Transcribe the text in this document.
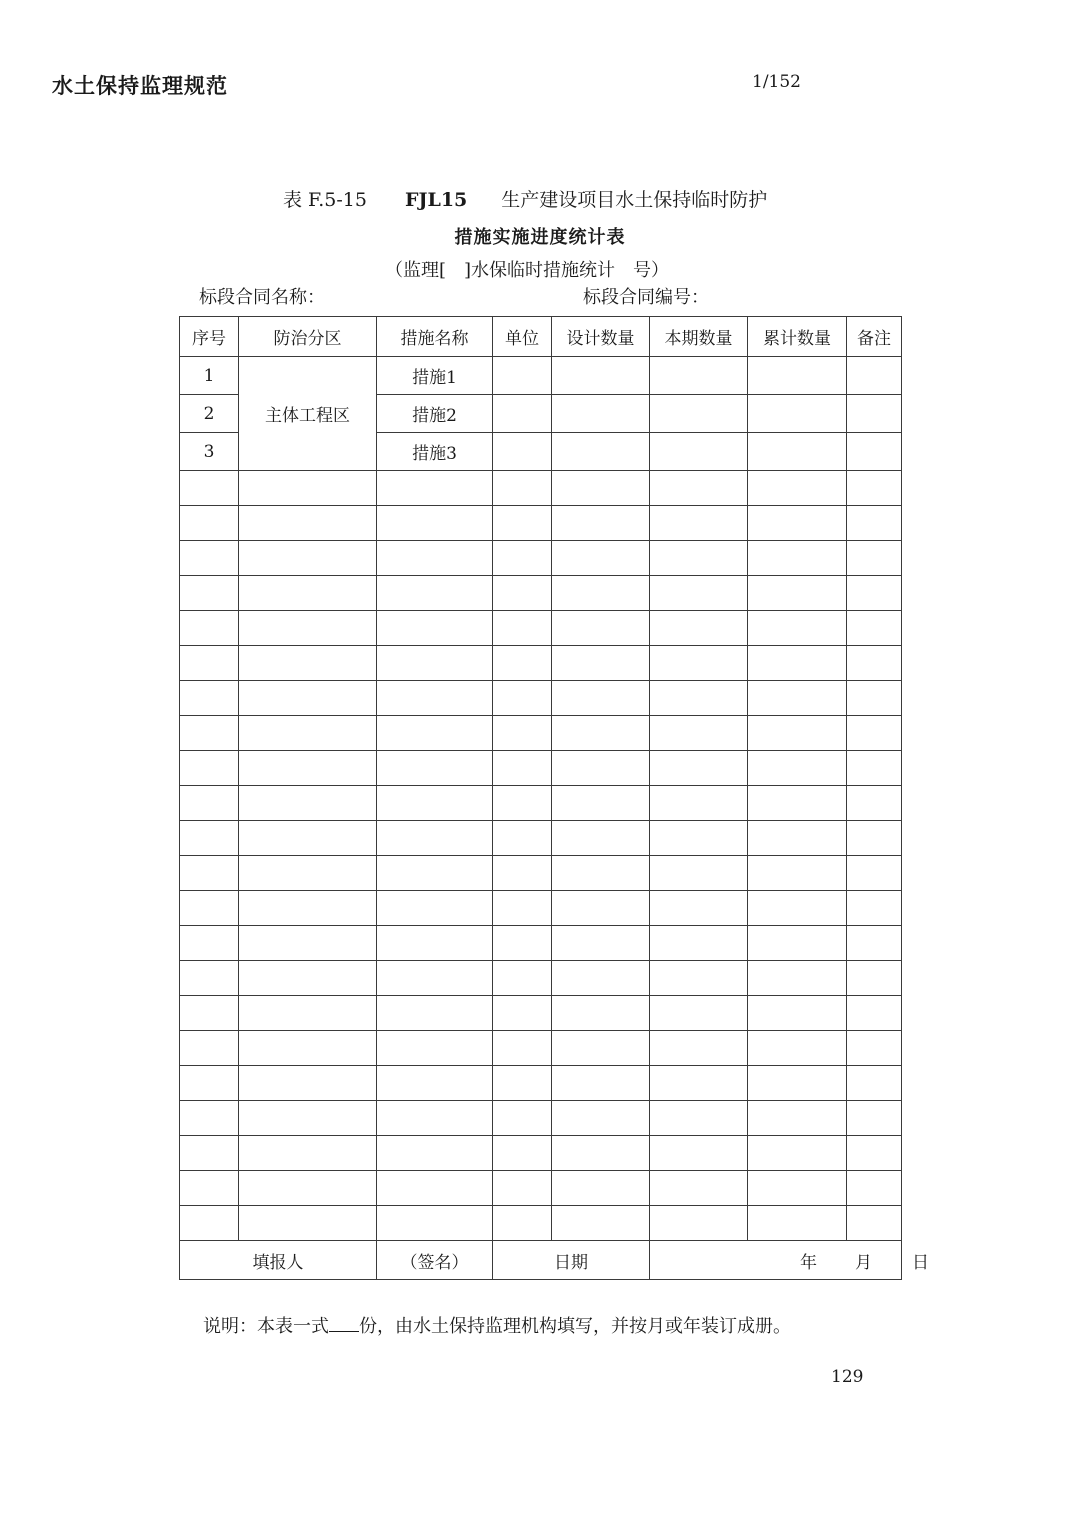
水土保持监理规范	1/152
表 F.5-15 FJL15 生产建设项目水土保持临时防护
措施实施进度统计表
（监理[　]水保临时措施统计　号）
标段合同名称：	标段合同编号：
序号	防治分区	措施名称	单位	设计数量	本期数量	累计数量	备注
1	主体工程区	措施1					
2		措施2					
3		措施3					

填报人		（签名）	日期		年 月 日		
说明：本表一式 份，由水土保持监理机构填写，并按月或年装订成册。
129
